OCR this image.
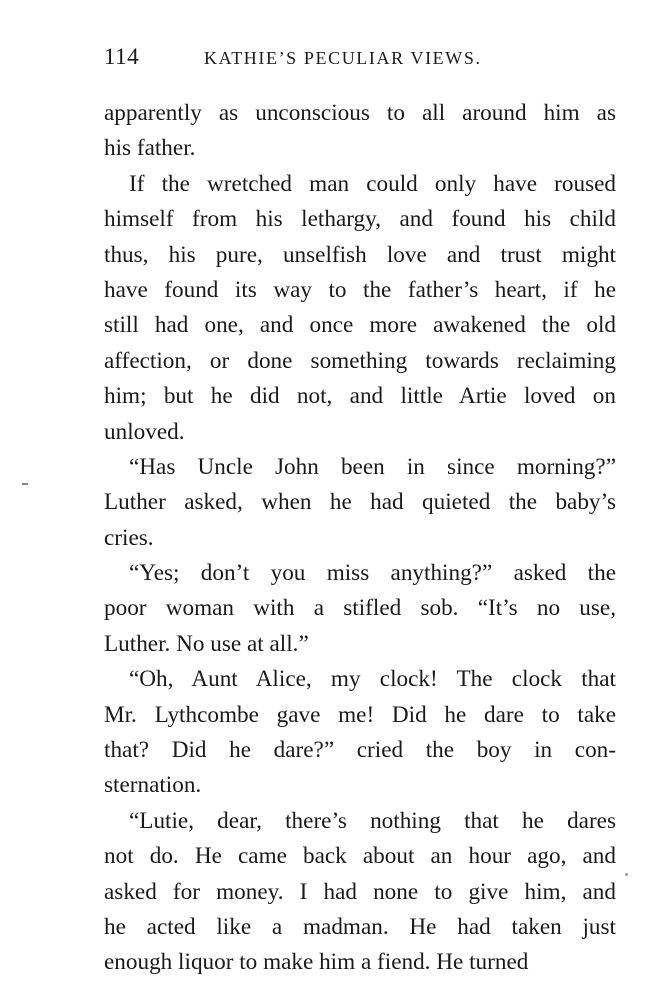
114	KATHIE’S PECULIAR VIEWS.
apparently as unconscious to all around him as
his father.
If the wretched man could only have roused
himself from his lethargy, and found his child
thus, his pure, unselfish love and trust might
have found its way to the father’s heart, if he
still had one, and once more awakened the old
affection, or done something towards reclaiming
him; but he did not, and little Artie loved on
unloved.
“Has Uncle John been in since morning?”
Luther asked, when he had quieted the baby’s
cries.
“Yes; don’t you miss anything?” asked the
poor woman with a stifled sob. “It’s no use,
Luther. No use at all.”
“Oh, Aunt Alice, my clock! The clock that
Mr. Lythcombe gave me! Did he dare to take
that? Did he dare?” cried the boy in con-
sternation.
“Lutie, dear, there’s nothing that he dares
not do. He came back about an hour ago, and
asked for money. I had none to give him, and
he acted like a madman. He had taken just
enough liquor to make him a fiend. He turned
